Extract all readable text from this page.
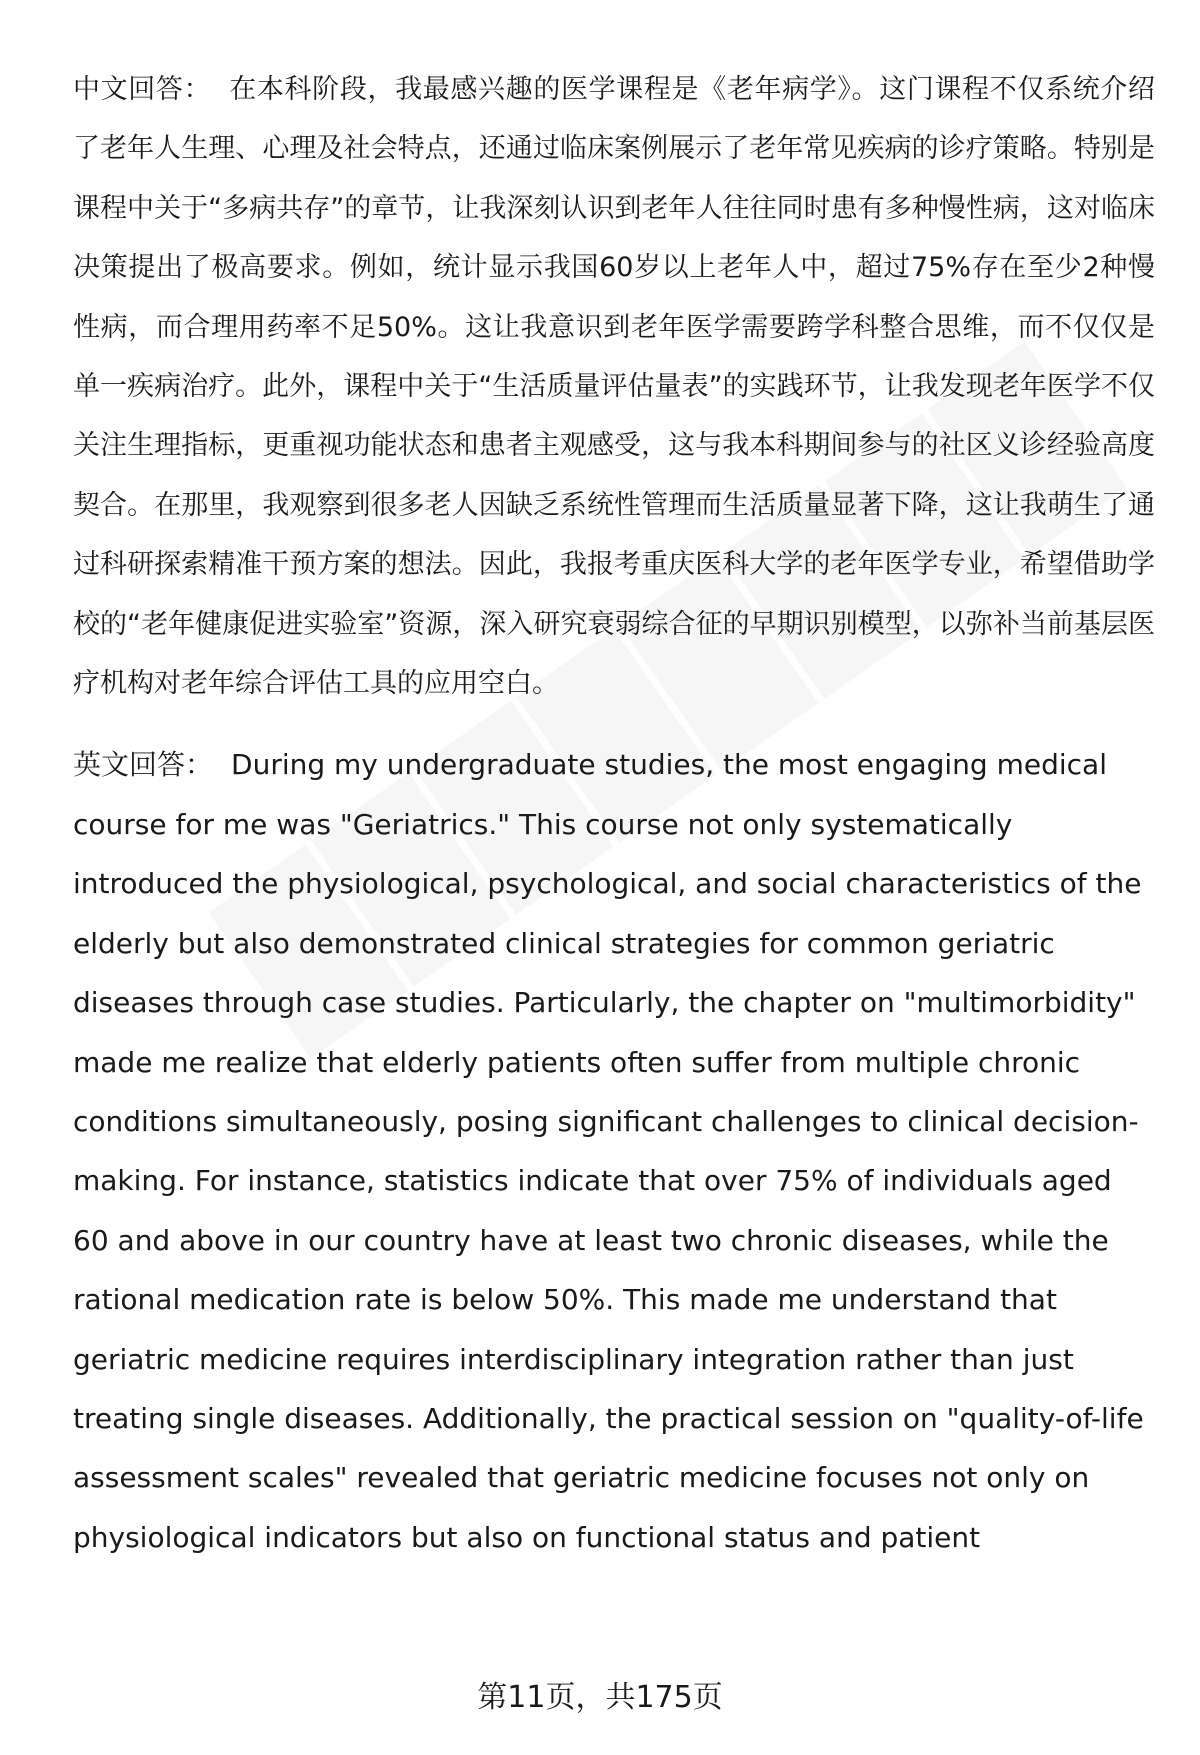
中文回答： 在本科阶段，我最感兴趣的医学课程是《老年病学》。这门课程不仅系统介绍了老年人生理、心理及社会特点，还通过临床案例展示了老年常见疾病的诊疗策略。特别是课程中关于“多病共存”的章节，让我深刻认识到老年人往往同时患有多种慢性病，这对临床决策提出了极高要求。例如，统计显示我国60岁以上老年人中，超过75%存在至少2种慢性病，而合理用药率不足50%。这让我意识到老年医学需要跨学科整合思维，而不仅仅是单一疾病治疗。此外，课程中关于“生活质量评估量表”的实践环节，让我发现老年医学不仅关注生理指标，更重视功能状态和患者主观感受，这与我本科期间参与的社区义诊经验高度契合。在那里，我观察到很多老人因缺乏系统性管理而生活质量显著下降，这让我萌生了通过科研探索精准干预方案的想法。因此，我报考重庆医科大学的老年医学专业，希望借助学校的“老年健康促进实验室”资源，深入研究衰弱综合征的早期识别模型，以弥补当前基层医疗机构对老年综合评估工具的应用空白。

英文回答： During my undergraduate studies, the most engaging medical course for me was "Geriatrics." This course not only systematically introduced the physiological, psychological, and social characteristics of the elderly but also demonstrated clinical strategies for common geriatric diseases through case studies. Particularly, the chapter on "multimorbidity" made me realize that elderly patients often suffer from multiple chronic conditions simultaneously, posing significant challenges to clinical decision-making. For instance, statistics indicate that over 75% of individuals aged 60 and above in our country have at least two chronic diseases, while the rational medication rate is below 50%. This made me understand that geriatric medicine requires interdisciplinary integration rather than just treating single diseases. Additionally, the practical session on "quality-of-life assessment scales" revealed that geriatric medicine focuses not only on physiological indicators but also on functional status and patient

第11页，共175页
